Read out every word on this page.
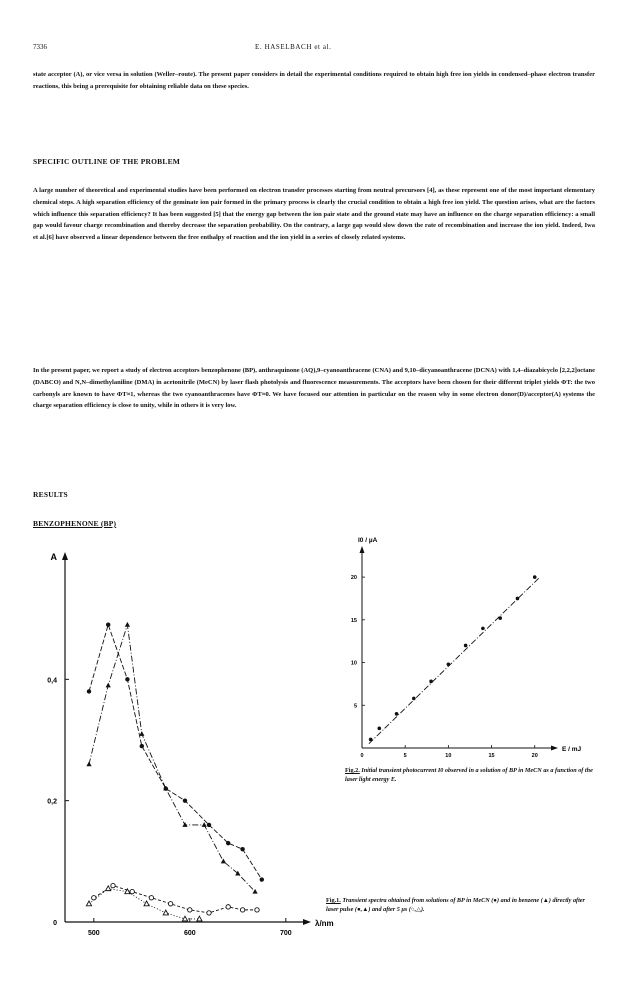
7336	E. HASELBACH et al.

state acceptor (A), or vice versa in solution (Weller–route). The present paper considers in detail the experimental conditions required to obtain high free ion yields in condensed–phase electron transfer reactions, this being a prerequisite for obtaining reliable data on these species.

SPECIFIC OUTLINE OF THE PROBLEM

A large number of theoretical and experimental studies have been performed on electron transfer processes starting from neutral precursors [4], as these represent one of the most important elementary chemical steps. A high separation efficiency of the geminate ion pair formed in the primary process is clearly the crucial condition to obtain a high free ion yield. The question arises, what are the factors which influence this separation efficiency? It has been suggested [5] that the energy gap between the ion pair state and the ground state may have an influence on the charge separation efficiency: a small gap would favour charge recombination and thereby decrease the separation probability. On the contrary, a large gap would slow down the rate of recombination and increase the ion yield. Indeed, Iwa et al.[6] have observed a linear dependence between the free enthalpy of reaction and the ion yield in a series of closely related systems.

In the present paper, we report a study of electron acceptors benzophenone (BP), anthraquinone (AQ),9–cyanoanthracene (CNA) and 9,10–dicyanoanthracene (DCNA) with 1,4–diazabicyclo [2,2,2]octane (DABCO) and N,N–dimethylaniline (DMA) in acetonitrile (MeCN) by laser flash photolysis and fluorescence measurements. The acceptors have been chosen for their different triplet yields ΦT: the two carbonyls are known to have ΦT≈1, whereas the two cyanoanthracenes have ΦT≈0. We have focused our attention in particular on the reason why in some electron donor(D)/acceptor(A) systems the charge separation efficiency is close to unity, while in others it is very low.

RESULTS
BENZOPHENONE (BP)
A
λ/nm
500	600	700
0
0,2
0,4
I0 / µA
E / mJ
0	5	10	15	20
5
10
15
20

Fig.2. Initial transient photocurrent I0 observed in a solution of BP in MeCN as a function of the laser light energy E.

Fig.1. Transient spectra obtained from solutions of BP in MeCN (●) and in benzene (▲) directly after laser pulse (●,▲) and after 5 µs (○,△).
